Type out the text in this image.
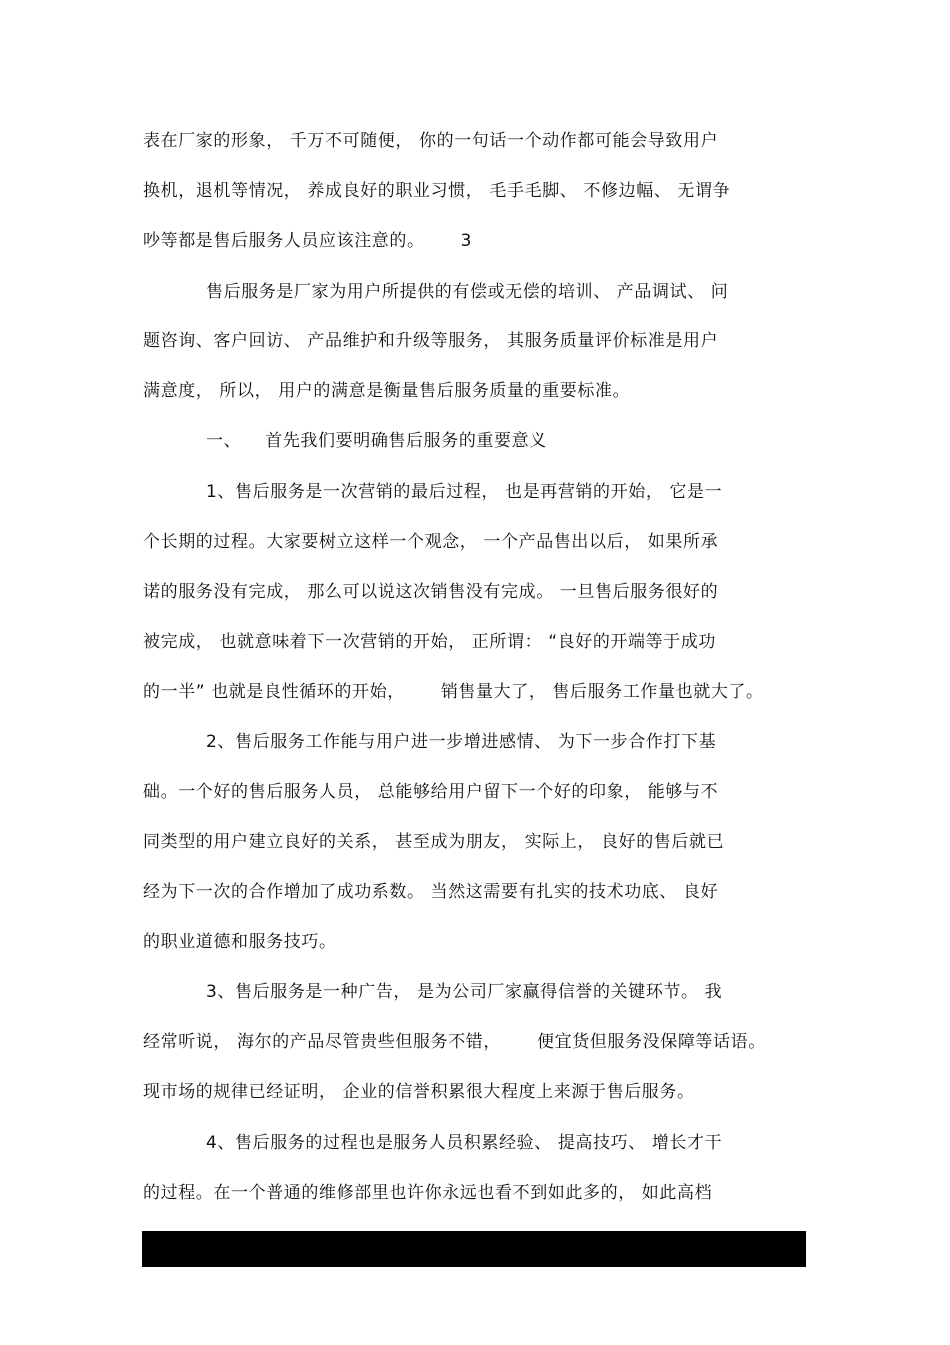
表在厂家的形象， 千万不可随便， 你的一句话一个动作都可能会导致用户
换机，退机等情况， 养成良好的职业习惯， 毛手毛脚、 不修边幅、 无谓争
吵等都是售后服务人员应该注意的。      3
售后服务是厂家为用户所提供的有偿或无偿的培训、 产品调试、 问
题咨询、客户回访、 产品维护和升级等服务， 其服务质量评价标准是用户
满意度， 所以， 用户的满意是衡量售后服务质量的重要标准。
一、    首先我们要明确售后服务的重要意义
1、售后服务是一次营销的最后过程， 也是再营销的开始， 它是一
个长期的过程。大家要树立这样一个观念， 一个产品售出以后， 如果所承
诺的服务没有完成， 那么可以说这次销售没有完成。 一旦售后服务很好的
被完成， 也就意味着下一次营销的开始， 正所谓： “良好的开端等于成功
的一半” 也就是良性循环的开始，      销售量大了， 售后服务工作量也就大了。
2、售后服务工作能与用户进一步增进感情、 为下一步合作打下基
础。一个好的售后服务人员， 总能够给用户留下一个好的印象， 能够与不
同类型的用户建立良好的关系， 甚至成为朋友， 实际上， 良好的售后就已
经为下一次的合作增加了成功系数。 当然这需要有扎实的技术功底、 良好
的职业道德和服务技巧。
3、售后服务是一种广告， 是为公司厂家赢得信誉的关键环节。 我
经常听说， 海尔的产品尽管贵些但服务不错，      便宜货但服务没保障等话语。
现市场的规律已经证明， 企业的信誉积累很大程度上来源于售后服务。
4、售后服务的过程也是服务人员积累经验、 提高技巧、 增长才干
的过程。在一个普通的维修部里也许你永远也看不到如此多的， 如此高档
